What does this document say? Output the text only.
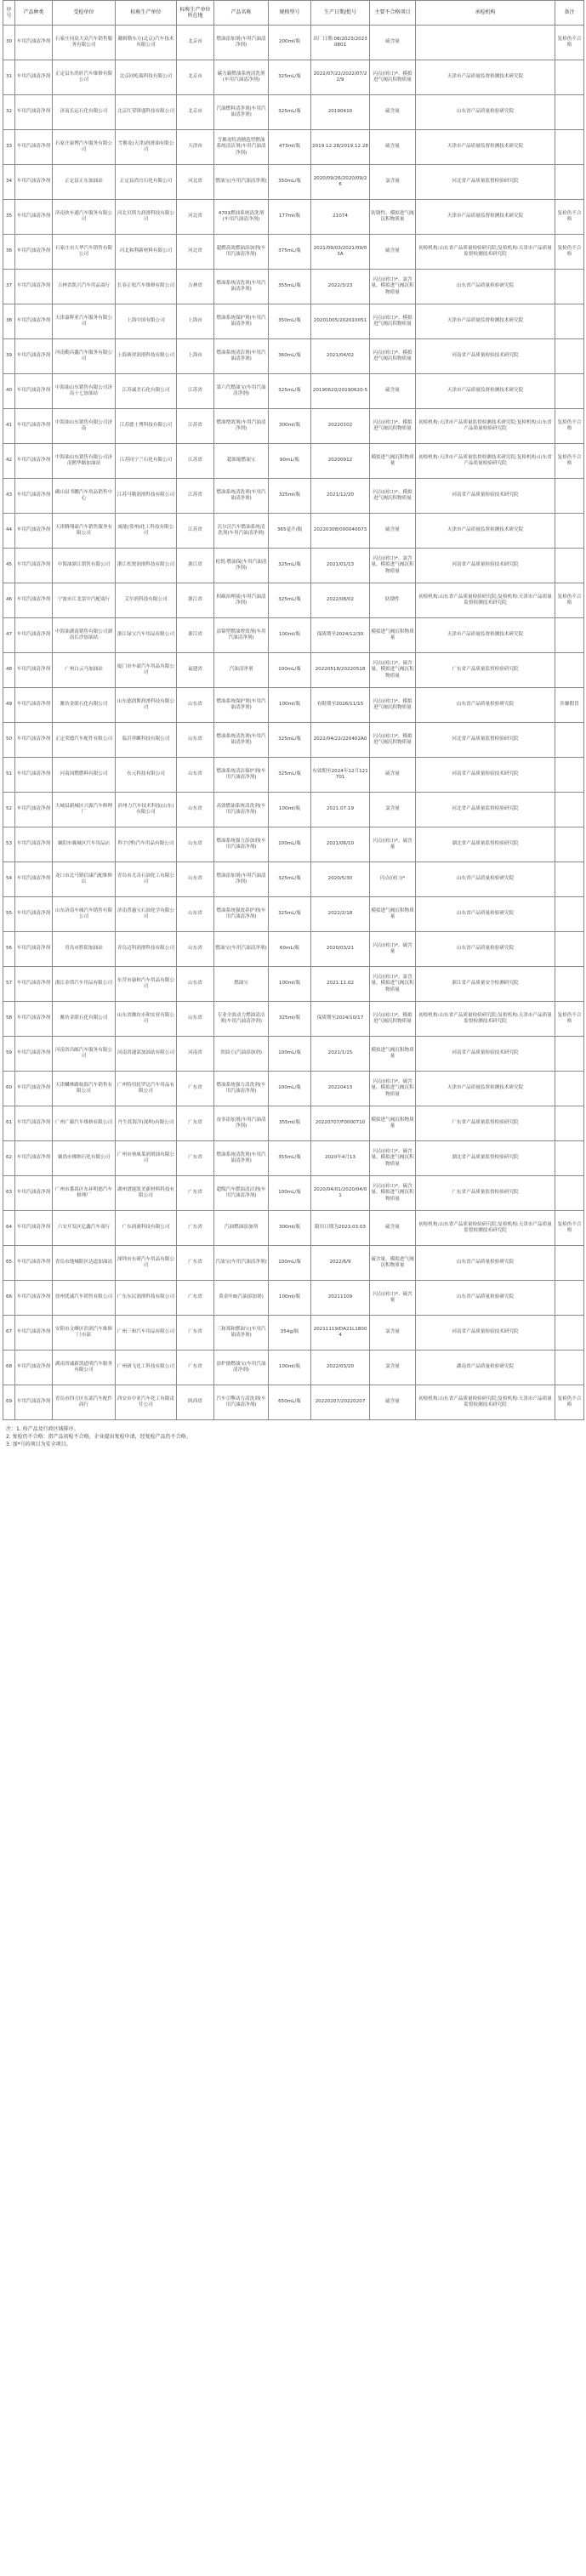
序号	产品种类	受检单位	标称生产单位	标称生产单位所在地	产品名称	规格型号	生产日期/批号	主要不合格项目	承检机构	备注
30	车用汽油清净剂	石家庄同泉大众汽车销售服务有限公司	戴姆勒东方(北京)汽车技术有限公司	北京市	燃油添加剂(车用汽油清净剂)	200ml/瓶	出厂日期:08/2023/20230801	硫含量		复检仍不合格
31	车用汽油清净剂	正定县东尚轩汽车维修有限公司	北京同屹瑞科技有限公司	北京市	碳力霸燃油系统清洗剂(车用汽油清净剂)	325mL/瓶	2022/07/22/2022/07/22/9	闪点(闭口)*、模拟进气阀沉积物质量	天津市产品质量监督检测技术研究院	
32	车用汽油清净剂	济南长运石化有限公司	北京红荣锋盛科技有限公司	北京市	汽油燃料清净剂(车用汽油清净剂)	325mL/瓶	20190410	硫含量	山东省产品质量检验研究院	
33	车用汽油清净剂	石家庄康博汽车服务有限公司	雪佛龙(天津)润滑油有限公司	天津市	雪佛龙特劲精选型燃油系统清洁剂(车用汽油清净剂)	473ml/瓶	2019.12.28/2019.12.28	硫含量	天津市产品质量监督检测技术研究院	
34	车用汽油清净剂	正定县正东加油站	正定县尚宜石化有限公司	河北省	燃油宝(车用汽油清净剂)	350mL/瓶	2020/09/26/2020/09/26	氯含量	河北省产品质量监督检验研究院	
35	车用汽油清净剂	济南快车通汽车服务有限公司	河北贝斯力润滑科技有限公司	河北省	4701燃油系统清洗剂(车用汽油清净剂)	177ml/瓶	21074	防锈性、模拟进气阀沉积物质量	天津市产品质量监督检测技术研究院	复检仍不合格
36	车用汽油清净剂	石家庄市大华汽车销售有限公司	河北和利新材料有限公司	河北省	超燃高效燃油添加剂(车用汽油清净剂)	375mL/瓶	2021/09/03/2021/09/03A	硫含量	初检机构:山东省产品质量检验研究院;复检机构:天津市产品质量监督检测技术研究院	复检仍不合格
37	车用汽油清净剂	吉林省凯兴汽车用品商行	长春正松汽车维修有限公司	吉林省	燃油系统清洗剂(车用汽油清净剂)	355mL/瓶	2022/3/23	闪点(闭口)*、氯含量、模拟进气阀沉积物质量	山东省产品质量检验研究院	
38	车用汽油清净剂	天津嘉辉亚汽车服务有限公司	上海中国有限公司	上海市	燃油系统保护剂(车用汽油清净剂)	350mL/瓶	20201005/202010051	闪点(闭口)*、模拟进气阀沉积物质量	天津市产品质量监督检测技术研究院	
39	车用汽油清净剂	河南勤昌鑫汽车服务有限公司	上海赛羿润滑科技有限公司	上海市	燃油系统清洁剂(车用汽油清净剂)	360mL/瓶	2021/04/02	闪点(闭口)*、模拟进气阀沉积物质量	河南省产品质量检验技术研究院	
40	车用汽油清净剂	中海油山东销售有限公司济南十七加油站	江苏诚美石化有限公司	江苏省	第六代燃油宝(车用汽油清净剂)	325mL/瓶	20190620/20190620-5	硫含量	天津市产品质量监督检测技术研究院	
41	车用汽油清净剂	中海油山东销售有限公司济南	江苏德士博科技有限公司	江苏省	燃油增效剂(车用汽油清净剂)	300ml/瓶	20220102	闪点(闭口)*、模拟进气阀沉积物质量	初检机构:天津市产品质量监督检测技术研究院;复检机构:山东省产品质量检验研究院	复检仍不合格
42	车用汽油清净剂	中海油山东销售有限公司济南鹊华路加油站	江苏同宁兰石化有限公司	江苏省	超浓缩燃油宝	90mL/瓶	20200912	模拟进气阀沉积物质量	初检机构:天津市产品质量监督检测技术研究院;复检机构:山东省产品质量检验研究院	复检仍不合格
43	车用汽油清净剂	确山县书鹏汽车用品销售中心	江苏马勒润滑科技有限公司	江苏省	燃油系统清洗剂(车用汽油清净剂)	325ml/瓶	2021/12/20	闪点(闭口)*、模拟进气阀沉积物质量	河南省产品质量检验技术研究院	
44	车用汽油清净剂	天津腾翔豪汽车销售服务有限公司	威能(常州)化工科技有限公司	江苏省	沃尔沃汽车燃油系统清洗剂(车用汽油清净剂)	365毫升/瓶	20220308/000040073	硫含量	天津市产品质量监督检测技术研究院	
45	车用汽油清净剂	中海油浙江销售有限公司	浙江松悦润滑科技有限公司	浙江省	松悦·燃油保(车用汽油清净剂)	325mL/瓶	2021/01/13	闪点(闭口)*、氯含量、模拟进气阀沉积物质量	河南省产品质量检验技术研究院	
46	车用汽油清净剂	宁波市江北雷中汽配商行	艾尔润科技有限公司	浙江省	积碳治理液(车用汽油清净剂)	325mL/瓶	2022/08/02	防锈性	初检机构:山东省产品质量检验研究院;复检机构:天津市产品质量监督检测技术研究院	复检仍不合格
47	车用汽油清净剂	中海油湖南销售有限公司湖南长沙加油站	浙江绿宝汽车用品有限公司	浙江省	添锦型燃油增效剂(车用汽油清净剂)	100ml/瓶	保质期至2024/12/30	模拟进气阀沉积物质量	天津市产品质量监督检测技术研究院	
48	车用汽油清净剂	广州白云马加油站	厦门市车豪汽车用品有限公司	福建省	汽油清净剂	100mL/瓶	20220518/20220518	闪点(闭口)*、硫含量、模拟进气阀沉积物质量	广东省产品质量监督检验研究院	
49	车用汽油清净剂	潍坊金联石化有限公司	山东德润斯润滑科技有限公司	山东省	燃油系统保护剂(车用汽油清净剂)	100ml/瓶	有限期至2026/11/15	闪点(闭口)*、模拟进气阀沉积物质量	山东省产品质量检验研究院	涉嫌假冒
50	车用汽油清净剂	正定荣德汽车配件有限公司	临沂祥麒科技有限公司	山东省	燃油系统清洗剂(车用汽油清净剂)	325mL/瓶	2022/04/22/220402A0	闪点(闭口)*、模拟进气阀沉积物质量	河北省产品质量监督检验研究院	
51	车用汽油清净剂	河南国燃燃料有限公司	东元科技有限公司	山东省	燃油系统清洁保护剂(车用汽油清净剂)	325mL/瓶	有效期至2024年12月121701	硫含量	河南省产品质量检验技术研究院	
52	车用汽油清净剂	大城县新城区兴源汽车修理厂	滨州力汽车技术科技(山东)有限公司	山东省	高效燃油系统清洗剂(车用汽油清净剂)	100ml/瓶	2021.07.19	氯含量	河北省产品质量监督检验研究院	
53	车用汽油清净剂	襄阳市襄城区汽车用品店	科宇(博)汽车用品有限公司	山东省	燃油系统强力添加剂(车用汽油清净剂)	100mL/瓶	2021/06/10	闪点(闭口)*、硫含量	湖北省产品质量监督检验研究院	
54	车用汽油清净剂	龙口市北马镇信康汽配维修店	青岛市尤奇石油化工有限公司	山东省	燃油添加剂(车用汽油清净剂)	325mL/瓶	2020/5/30	闪点(闭口)*	山东省产品质量检验研究院	
55	车用汽油清净剂	山东济南车城汽车销售有限公司	济南普惠宝石油化学有限公司	山东省	燃油系统强效养护剂(车用汽油清净剂)	325mL/瓶	2022/2/18	模拟进气阀沉积物质量	山东省产品质量检验研究院	
56	车用汽油清净剂	青岛市胜阳加油站	青岛迈科润滑科技有限公司	山东省	燃油宝(车用汽油清净剂)	60mL/瓶	2020/03/21	闪点(闭口)*、硫含量	山东省产品质量检验研究院	
57	车用汽油清净剂	浙江金塔汽车用品有限公司	东营市康和汽车用品有限公司	山东省	燃油宝	100ml/瓶	2021.11.02	闪点(闭口)*、氯含量、模拟进气阀沉积物质量	浙江省产品质量安全检测研究院	
58	车用汽油清净剂	潍坊金联石化有限公司	山东省潍坊市和实业有限公司	山东省	专业全效动力燃油清洁剂(车用汽油清净剂)	325ml/瓶	保质期至2024/10/17	闪点(闭口)*、模拟进气阀沉积物质量	初检机构:山东省产品质量检验研究院;复检机构:天津市产品质量监督检测技术研究院	复检仍不合格
59	车用汽油清净剂	河南省昌邮汽车服务有限公司	河南省通部加油站有限公司	河南省	省油王(汽油添加剂)	100mL/瓶	2021/1/15	模拟进气阀沉积物质量	河南省产品质量检验技术研究院	
60	车用汽油清净剂	天津麟林路航海汽车销售有限公司	广州特用轮罗达汽车用品有限公司	广东省	燃油系统强力清洗剂(车用汽油清净剂)	100mL/瓶	20220413	闪点(闭口)*、硫含量、模拟进气阀沉积物质量	天津市产品质量监督检测技术研究院	
61	车用汽油清净剂	广州广霸汽车维修有限公司	丹生蓝海洋(深圳)有限公司	广东省	奋多添加剂(车用汽油清净剂)	355ml/瓶	20220707/F0000710	模拟进气阀沉积物质量	广东省产品质量监督检验研究院	
62	车用汽油清净剂	襄尚市佛纳石化有限公司	广州市奥威莱润滑油有限公司	广东省	燃油系统清洗剂(车用汽油清净剂)	355mL/瓶	2020年4月13	闪点(闭口)*、硫含量、模拟进气阀沉积物质量	湖北省产品质量监督检验研究院	
63	车用汽油清净剂	广州市番禺区东环明德汽车修理厂	湖州谱能凯美新材料科技有限公司	广东省	超级汽车燃油清洁剂(车用汽油清净剂)	100mL/瓶	2020/04/01/2020/04/01	闪点(闭口)*、硫含量、模拟进气阀沉积物质量	广东省产品质量监督检验研究院	
64	车用汽油清净剂	六安开发区亿鑫汽车商行	广东润浦科技有限公司	广东省	汽油燃油添加剂	300ml/瓶	限用日期为2023.03.03	硫含量	初检机构:山东省产品质量检验研究院;复检机构:天津市产品质量监督检测技术研究院	复检仍不合格
65	车用汽油清净剂	青岛市地城阳区达道加油站	深圳市东研汽车用品有限公司	广东省	汽油宝(车用汽油清净剂)	100mL/瓶	2022/6/9	硫含量、模拟进气阀沉积物质量	山东省产品质量检验研究院	
66	车用汽油清净剂	徐州忧诚汽车销售有限公司	广东东民润滑科技有限公司	广东省	黄金叶8(汽油添加剂)	100ml/瓶	20211109	闪点(闭口)*、硫含量	山东省产品质量检验研究院	
67	车用汽油清净剂	安阳市文峰区浩润汽车维修门市部	广州三和汽车用品有限公司	广东省	三和郑和燃油宝(车用汽油清净剂)	354g/瓶	20211119/DA21L18004	氯含量	河南省产品质量检验技术研究院	
68	车用汽油清净剂	湖南省诚新凯道明汽车服务有限公司	广州研飞化工科技有限公司	广东省	添炉励燃油宝(车用汽油清净剂)	100ml/瓶	2022/03/20	氯含量	湖南省产品质量检验研究院	
69	车用汽油清净剂	青岛市四方区东部汽车配件商行	西安市中亚汽车化工有限责任公司	陕西省	汽车引擎动力清洗剂(车用汽油清净剂)	650mL/瓶	20220207/20220207	硫含量	初检机构:山东省产品质量检验研究院;复检机构:天津市产品质量监督检测技术研究院	复检仍不合格
注：1. 按产品及行政区域排序。
2. 复检仍不合格：指产品初检不合格，企业提出复检申请，经复检产品仍不合格。
3. 加*号的项目为安全项目。
